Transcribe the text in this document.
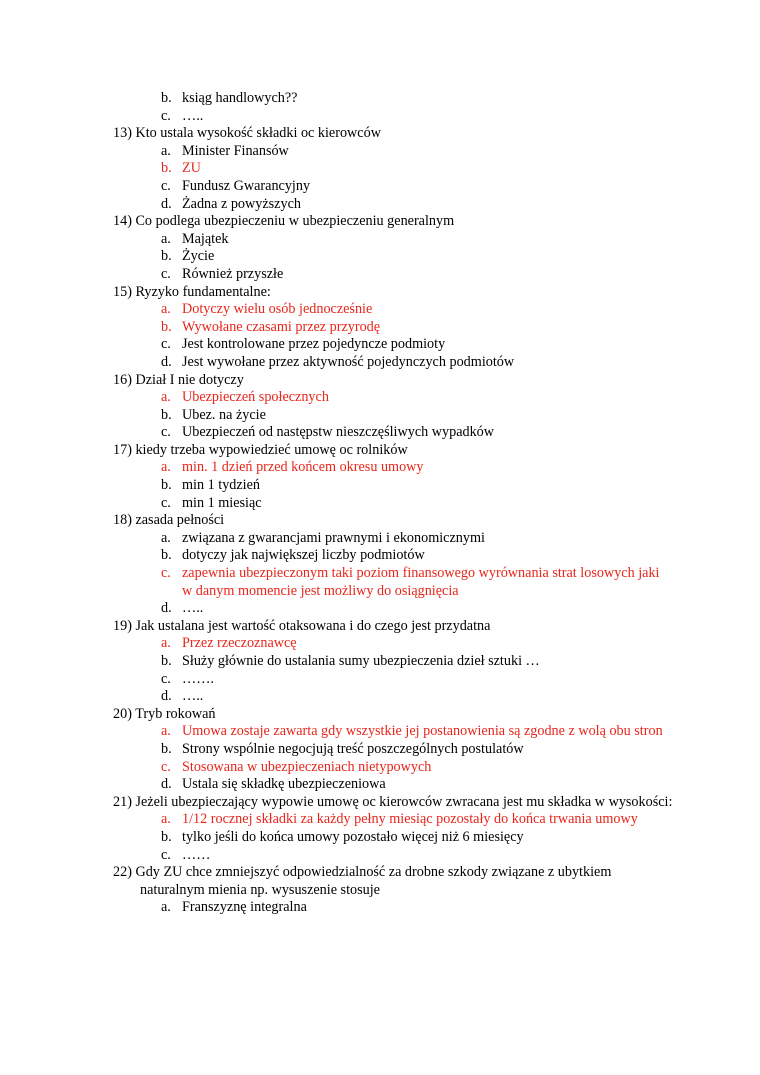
b. ksiąg handlowych??
c. …..
13) Kto ustala wysokość składki oc kierowców
a. Minister Finansów
b. ZU
c. Fundusz Gwarancyjny
d. Żadna z powyższych
14) Co podlega ubezpieczeniu w ubezpieczeniu generalnym
a. Majątek
b. Życie
c. Również przyszłe
15) Ryzyko fundamentalne:
a. Dotyczy wielu osób jednocześnie
b. Wywołane czasami przez przyrodę
c. Jest kontrolowane przez pojedyncze podmioty
d. Jest wywołane przez aktywność pojedynczych podmiotów
16) Dział I nie dotyczy
a. Ubezpieczeń społecznych
b. Ubez. na życie
c. Ubezpieczeń od następstw nieszczęśliwych wypadków
17) kiedy trzeba wypowiedzieć umowę oc rolników
a. min. 1 dzień przed końcem okresu umowy
b. min 1 tydzień
c. min 1 miesiąc
18) zasada pełności
a. związana z gwarancjami prawnymi i ekonomicznymi
b. dotyczy jak największej liczby podmiotów
c. zapewnia ubezpieczonym taki poziom finansowego wyrównania strat losowych jaki w danym momencie jest możliwy do osiągnięcia
d. …..
19) Jak ustalana jest wartość otaksowana i do czego jest przydatna
a. Przez rzeczoznawcę
b. Służy głównie do ustalania sumy ubezpieczenia dzieł sztuki …
c. …….
d. …..
20) Tryb rokowań
a. Umowa zostaje zawarta gdy wszystkie jej postanowienia są zgodne z wolą obu stron
b. Strony wspólnie negocjują treść poszczególnych postulatów
c. Stosowana w ubezpieczeniach nietypowych
d. Ustala się składkę ubezpieczeniowa
21) Jeżeli ubezpieczający wypowie umowę oc kierowców zwracana jest mu składka w wysokości:
a. 1/12 rocznej składki za każdy pełny miesiąc pozostały do końca trwania umowy
b. tylko jeśli do końca umowy pozostało więcej niż 6 miesięcy
c. ……
22) Gdy ZU chce zmniejszyć odpowiedzialność za drobne szkody związane z ubytkiem naturalnym mienia np. wysuszenie stosuje
a. Franszyznę integralna
